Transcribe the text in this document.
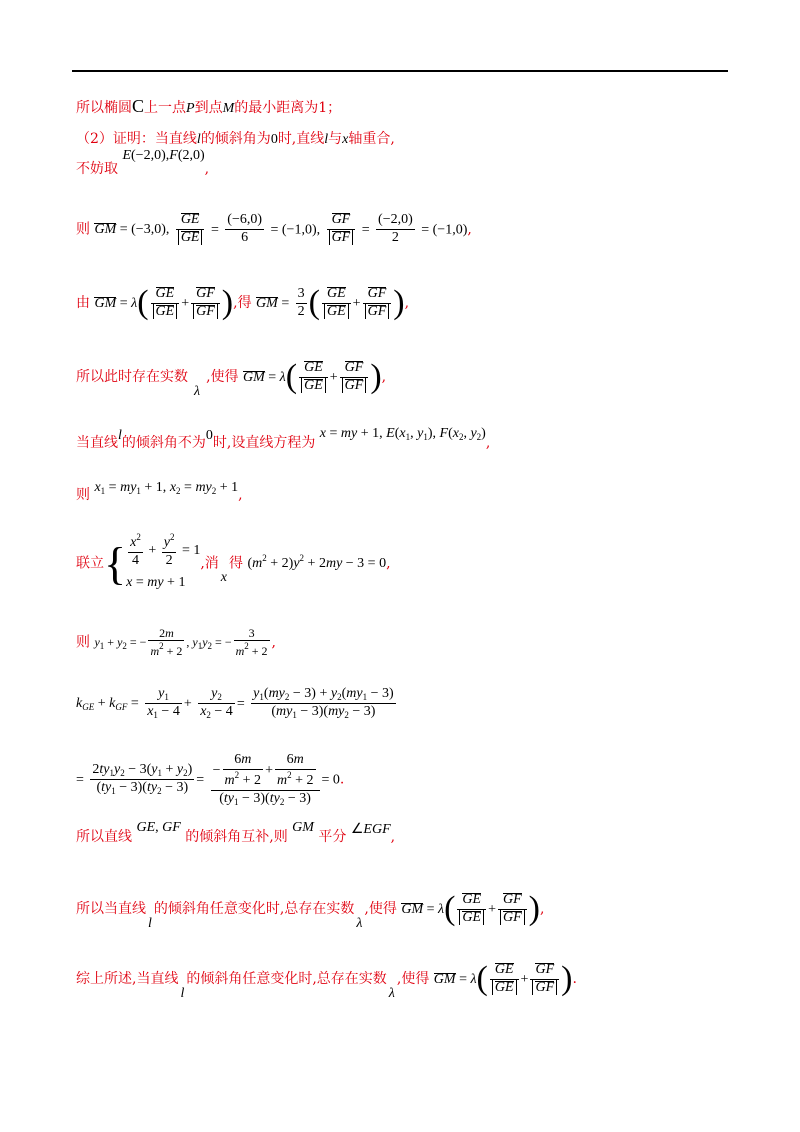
所以椭圆C上一点P到点M的最小距离为1；
（2）证明：当直线l的倾斜角为0时,直线l与x轴重合,
不妨取 E(−2,0),F(2,0),
则 GM = (−3,0), $\frac{GE}{GE} = \frac{(-6,0)}{6} = (-1,0)$, $\frac{GF}{GF} = \frac{(-2,0)}{2} = (-1,0)$,
由 GM = $\lambda( \frac{GE}{GE} + \frac{GF}{GF}$ ),得 GM = $\frac{3}{2}$ ( $\frac{GE}{GE} + \frac{GF}{GF}$ ),
所以此时存在实数λ,使得 GM = $\lambda( \frac{GE}{GE} + \frac{GF}{GF}$ ),
当直线l的倾斜角不为0时,设直线方程为 x = my + 1, $E(x_1$, $y_1$), $F(x_2$, $y_2$),
则 $x_1 = my_1 + 1$, $x_2 = my_2 + 1$,
联立{ $\frac{x^2}{4} + \frac{y^2}{2} = 1$
x = my + 1
,消x得 $(m^2 + 2)y^2 + 2my - 3 = 0$,
则 $y_1 + y_2$ = − $\frac{2m}{m^2 + 2}$ , $y_1y_2$ = − $\frac{3}{m^2 + 2}$ ,
$k_{GE} + k_{GF} = \frac{y_1}{x_1 - 4} + \frac{y_2}{x_2 - 4} = \frac{y_1(my_2 - 3) + y_2(my_1 - 3)}{(my_1 - 3)(my_2 - 3)}$
= $\frac{2ty_1y_2 - 3(y_1 + y_2)}{(ty_1 - 3)(ty_2 - 3)} = \frac{- \frac{6m}{m^2 + 2} + \frac{6m}{m^2 + 2}}{(ty_1 - 3)(ty_2 - 3)} = 0$.
所以直线 GE, GF 的倾斜角互补,则 GM 平分 ∠EGF,
所以当直线l的倾斜角任意变化时,总存在实数λ,使得 GM = $\lambda( \frac{GE}{GE} + \frac{GF}{GF}$ ),
综上所述,当直线l的倾斜角任意变化时,总存在实数λ,使得 GM = $\lambda( \frac{GE}{GE} + \frac{GF}{GF}$ ).
